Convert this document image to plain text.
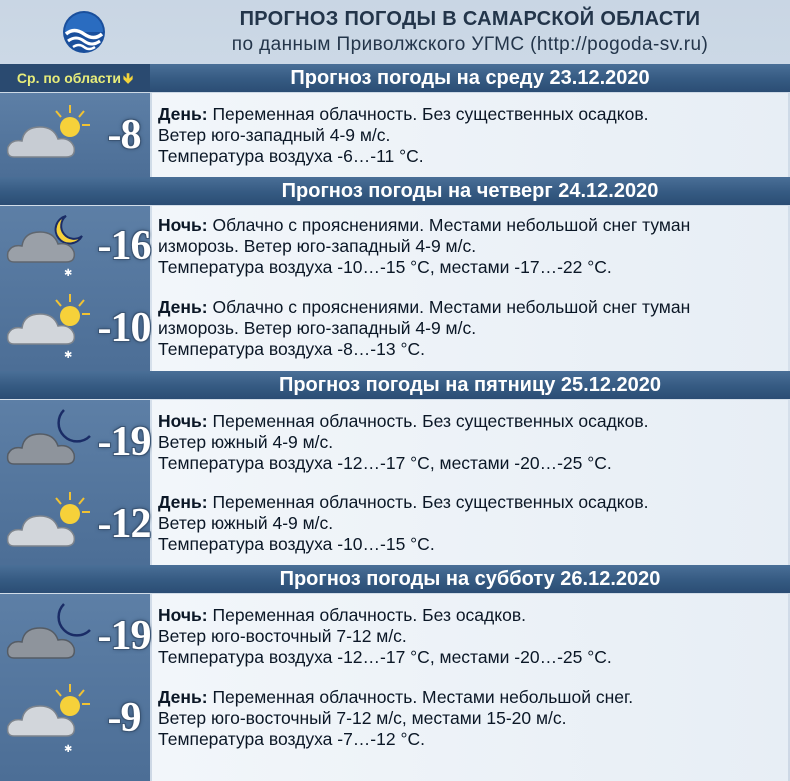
ПРОГНОЗ ПОГОДЫ В САМАРСКОЙ ОБЛАСТИ
по данным Приволжского УГМС (http://pogoda-sv.ru)
Ср. по области 🡻	Прогноз погоды на среду 23.12.2020
-8	День: Переменная облачность. Без существенных осадков.
Ветер юго-западный 4-9 м/с.
Температура воздуха -6…-11 °С.
Прогноз погоды на четверг 24.12.2020
✱
-16 Ночь: Облачно с прояснениями. Местами небольшой снег туман
изморозь. Ветер юго-западный 4-9 м/с.
Температура воздуха -10…-15 °С, местами -17…-22 °С.
✱
-10 День: Облачно с прояснениями. Местами небольшой снег туман
изморозь. Ветер юго-западный 4-9 м/с.
Температура воздуха -8…-13 °С.
Прогноз погоды на пятницу 25.12.2020
-19 Ночь: Переменная облачность. Без существенных осадков.
Ветер южный 4-9 м/с.
Температура воздуха -12…-17 °С, местами -20…-25 °С.
-12 День: Переменная облачность. Без существенных осадков.
Ветер южный 4-9 м/с.
Температура воздуха -10…-15 °С.
Прогноз погоды на субботу 26.12.2020
-19 Ночь: Переменная облачность. Без осадков.
Ветер юго-восточный 7-12 м/с.
Температура воздуха -12…-17 °С, местами -20…-25 °С.
✱
-9	День: Переменная облачность. Местами небольшой снег.
Ветер юго-восточный 7-12 м/с, местами 15-20 м/с.
Температура воздуха -7…-12 °С.
